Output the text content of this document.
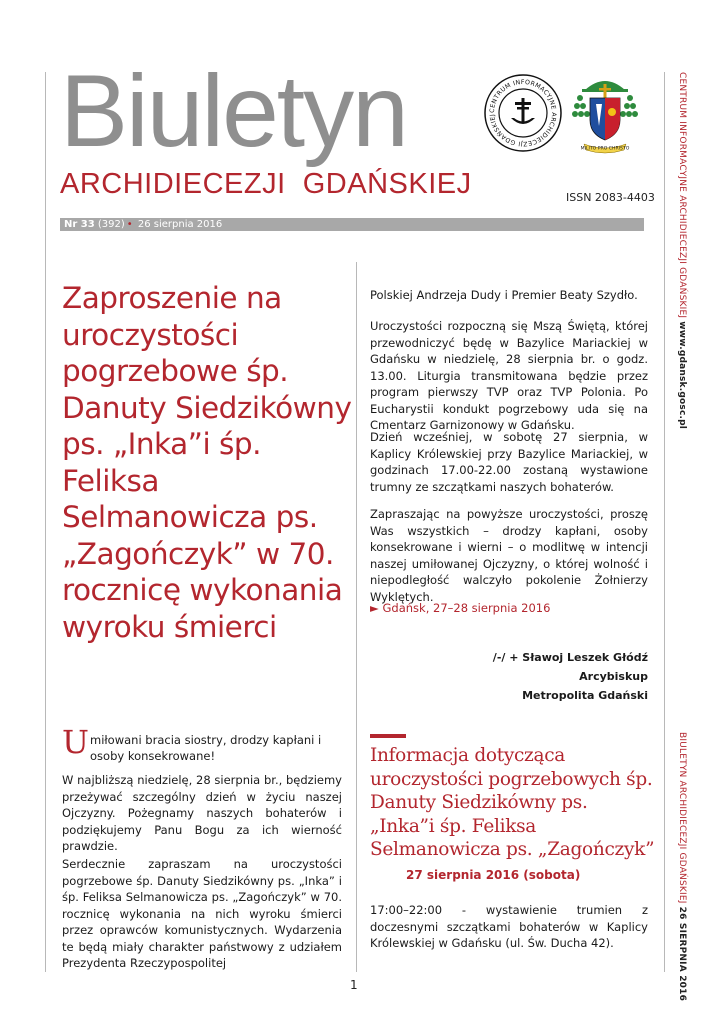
Biuletyn
ARCHIDIECEZJI  GDAŃSKIEJ	ISSN 2083-4403
CENTRUM INFORMACYJNE ARCHIDIECEZJI GDAŃSKIEJ
MILITO PRO CHRISTO
Nr 33 (392) • 26 sierpnia 2016	CENTRUM INFORMACYJNE ARCHIDIECEZJI GDAŃSKIEJ www.gdansk.gosc.pl
BIULETYN ARCHIDIECEZJI GDAŃSKIEJ 26 SIERPNIA 2016
Zaproszenie na uroczystości pogrzebowe śp. Danuty Siedzikówny ps. „Inka”i śp. Feliksa Selmanowicza ps. „Zagończyk” w 70. rocznicę wykonania wyroku śmierci
U miłowani bracia siostry, drodzy kapłani i osoby konsekrowane!
W najbliższą niedzielę, 28 sierpnia br., będziemy przeżywać szczególny dzień w życiu naszej Ojczyzny. Pożegnamy naszych bohaterów i podziękujemy Panu Bogu za ich wierność prawdzie.
Serdecznie zapraszam na uroczystości pogrzebowe śp. Danuty Siedzikówny ps. „Inka” i śp. Feliksa Selmanowicza ps. „Zagończyk” w 70. rocznicę wykonania na nich wyroku śmierci przez oprawców komunistycznych. Wydarzenia te będą miały charakter państwowy z udziałem Prezydenta Rzeczypospolitej
Polskiej Andrzeja Dudy i Premier Beaty Szydło.
Uroczystości rozpoczną się Mszą Świętą, której przewodniczyć będę w Bazylice Mariackiej w Gdańsku w niedzielę, 28 sierpnia br. o godz. 13.00. Liturgia transmitowana będzie przez program pierwszy TVP oraz TVP Polonia. Po Eucharystii kondukt pogrzebowy uda się na Cmentarz Garnizonowy w Gdańsku.
Dzień wcześniej, w sobotę 27 sierpnia, w Kaplicy Królewskiej przy Bazylice Mariackiej, w godzinach 17.00-22.00 zostaną wystawione trumny ze szczątkami naszych bohaterów.
Zapraszając na powyższe uroczystości, proszę Was wszystkich – drodzy kapłani, osoby konsekrowane i wierni – o modlitwę w intencji naszej umiłowanej Ojczyzny, o której wolność i niepodległość walczyło pokolenie Żołnierzy Wyklętych.
► Gdańsk, 27–28 sierpnia 2016
/-/ + Sławoj Leszek Głódź
Arcybiskup
Metropolita Gdański
Informacja dotycząca uroczystości pogrzebowych śp. Danuty Siedzikówny ps. „Inka”i śp. Feliksa Selmanowicza ps. „Zagończyk”
27 sierpnia 2016 (sobota)
17:00–22:00 - wystawienie trumien z doczesnymi szczątkami bohaterów w Kaplicy Królewskiej w Gdańsku (ul. Św. Ducha 42).
1
